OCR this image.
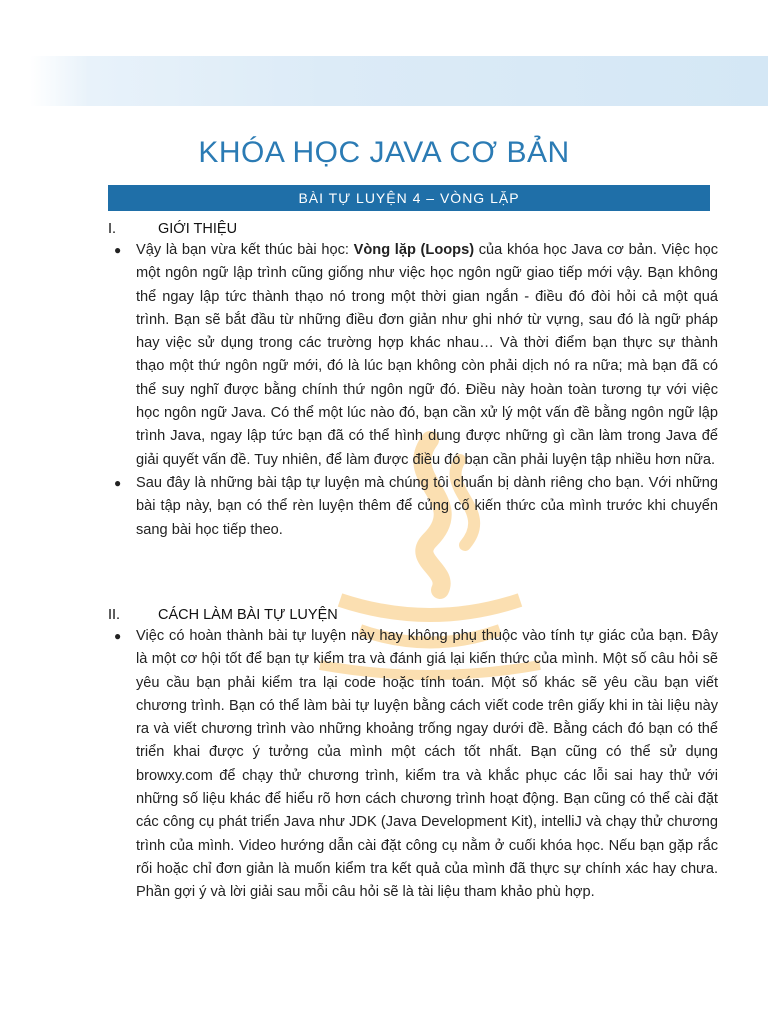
KHÓA HỌC JAVA CƠ BẢN
BÀI TỰ LUYỆN 4 – VÒNG LẶP
I.	GIỚI THIỆU
● Vậy là bạn vừa kết thúc bài học: Vòng lặp (Loops) của khóa học Java cơ bản. Việc học một ngôn ngữ lập trình cũng giống như việc học ngôn ngữ giao tiếp mới vậy. Bạn không thể ngay lập tức thành thạo nó trong một thời gian ngắn - điều đó đòi hỏi cả một quá trình. Bạn sẽ bắt đầu từ những điều đơn giản như ghi nhớ từ vựng, sau đó là ngữ pháp hay việc sử dụng trong các trường hợp khác nhau… Và thời điểm bạn thực sự thành thạo một thứ ngôn ngữ mới, đó là lúc bạn không còn phải dịch nó ra nữa; mà bạn đã có thể suy nghĩ được bằng chính thứ ngôn ngữ đó. Điều này hoàn toàn tương tự với việc học ngôn ngữ Java. Có thể một lúc nào đó, bạn cần xử lý một vấn đề bằng ngôn ngữ lập trình Java, ngay lập tức bạn đã có thể hình dung được những gì cần làm trong Java để giải quyết vấn đề. Tuy nhiên, để làm được điều đó bạn cần phải luyện tập nhiều hơn nữa.
● Sau đây là những bài tập tự luyện mà chúng tôi chuẩn bị dành riêng cho bạn. Với những bài tập này, bạn có thể rèn luyện thêm để củng cố kiến thức của mình trước khi chuyển sang bài học tiếp theo.
II.	CÁCH LÀM BÀI TỰ LUYỆN
● Việc có hoàn thành bài tự luyện này hay không phụ thuộc vào tính tự giác của bạn. Đây là một cơ hội tốt để bạn tự kiểm tra và đánh giá lại kiến thức của mình. Một số câu hỏi sẽ yêu cầu bạn phải kiểm tra lại code hoặc tính toán. Một số khác sẽ yêu cầu bạn viết chương trình. Bạn có thể làm bài tự luyện bằng cách viết code trên giấy khi in tài liệu này ra và viết chương trình vào những khoảng trống ngay dưới đề. Bằng cách đó bạn có thể triển khai được ý tưởng của mình một cách tốt nhất. Bạn cũng có thể sử dụng browxy.com để chạy thử chương trình, kiểm tra và khắc phục các lỗi sai hay thử với những số liệu khác để hiểu rõ hơn cách chương trình hoạt động. Bạn cũng có thể cài đặt các công cụ phát triển Java như JDK (Java Development Kit), intelliJ và chạy thử chương trình của mình. Video hướng dẫn cài đặt công cụ nằm ở cuối khóa học. Nếu bạn gặp rắc rối hoặc chỉ đơn giản là muốn kiểm tra kết quả của mình đã thực sự chính xác hay chưa. Phần gợi ý và lời giải sau mỗi câu hỏi sẽ là tài liệu tham khảo phù hợp.
